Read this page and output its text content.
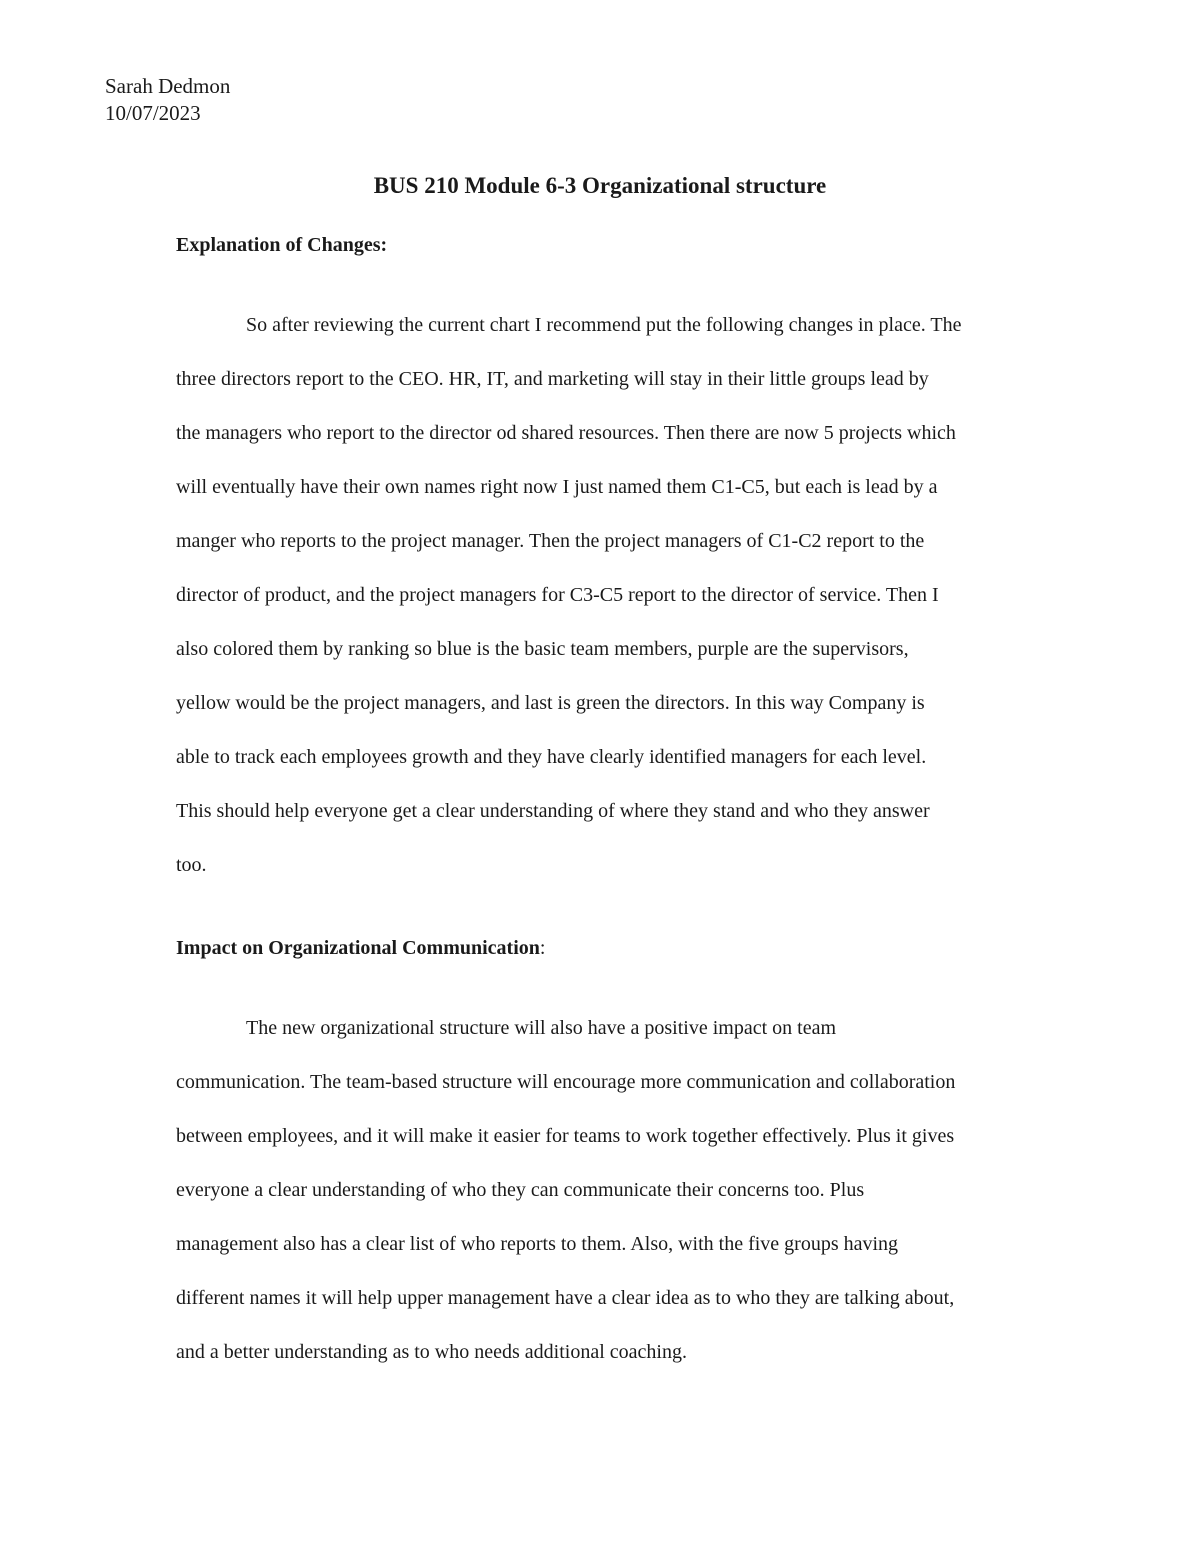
Sarah Dedmon
10/07/2023
BUS 210 Module 6-3 Organizational structure
Explanation of Changes:
So after reviewing the current chart I recommend put the following changes in place. The
three directors report to the CEO. HR, IT, and marketing will stay in their little groups lead by
the managers who report to the director od shared resources. Then there are now 5 projects which
will eventually have their own names right now I just named them C1-C5, but each is lead by a
manger who reports to the project manager. Then the project managers of C1-C2 report to the
director of product, and the project managers for C3-C5 report to the director of service. Then I
also colored them by ranking so blue is the basic team members, purple are the supervisors,
yellow would be the project managers, and last is green the directors. In this way Company is
able to track each employees growth and they have clearly identified managers for each level.
This should help everyone get a clear understanding of where they stand and who they answer
too.
Impact on Organizational Communication:
The new organizational structure will also have a positive impact on team
communication. The team-based structure will encourage more communication and collaboration
between employees, and it will make it easier for teams to work together effectively. Plus it gives
everyone a clear understanding of who they can communicate their concerns too. Plus
management also has a clear list of who reports to them. Also, with the five groups having
different names it will help upper management have a clear idea as to who they are talking about,
and a better understanding as to who needs additional coaching.
